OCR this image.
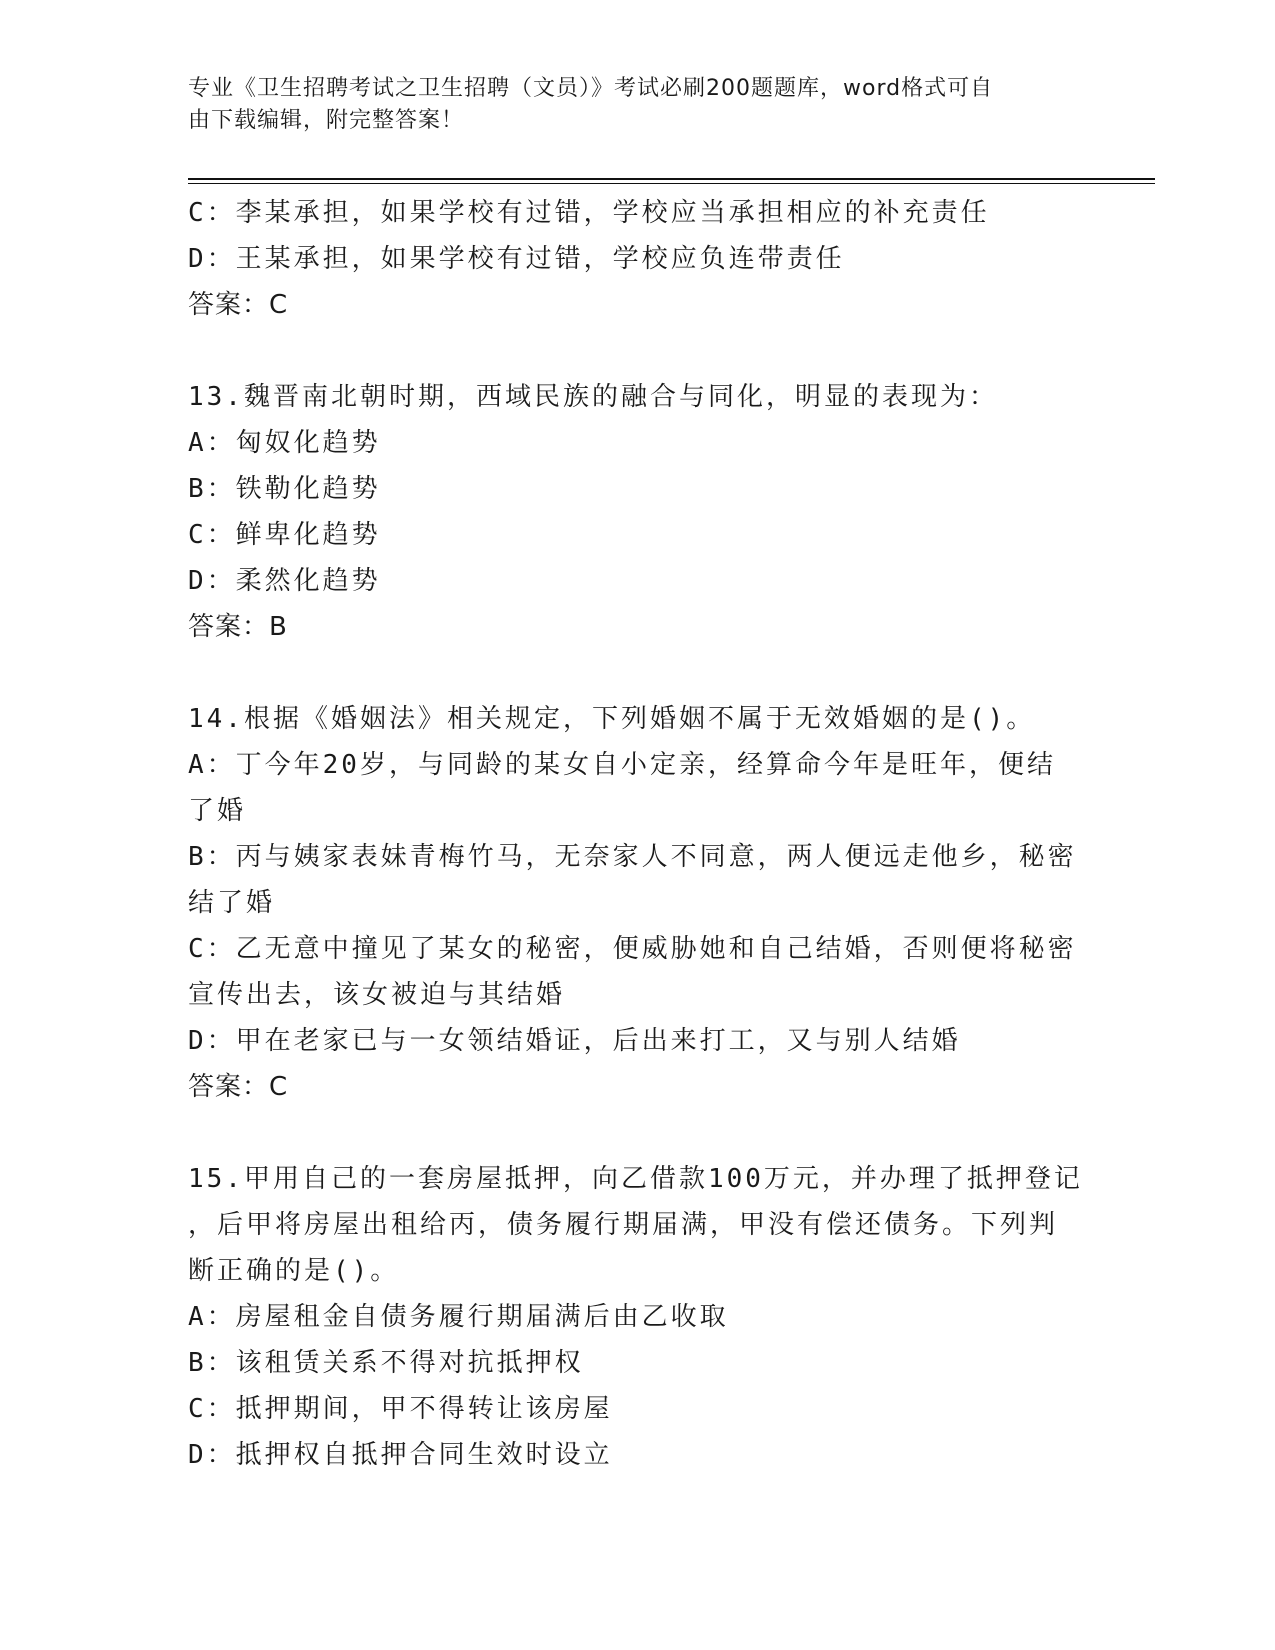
专业《卫生招聘考试之卫生招聘（文员）》考试必刷200题题库，word格式可自
由下载编辑，附完整答案！
C：李某承担，如果学校有过错，学校应当承担相应的补充责任
D：王某承担，如果学校有过错，学校应负连带责任
答案：C
13.魏晋南北朝时期，西域民族的融合与同化，明显的表现为：
A：匈奴化趋势
B：铁勒化趋势
C：鲜卑化趋势
D：柔然化趋势
答案：B
14.根据《婚姻法》相关规定，下列婚姻不属于无效婚姻的是()。
A：丁今年20岁，与同龄的某女自小定亲，经算命今年是旺年，便结
了婚
B：丙与姨家表妹青梅竹马，无奈家人不同意，两人便远走他乡，秘密
结了婚
C：乙无意中撞见了某女的秘密，便威胁她和自己结婚，否则便将秘密
宣传出去，该女被迫与其结婚
D：甲在老家已与一女领结婚证，后出来打工，又与别人结婚
答案：C
15.甲用自己的一套房屋抵押，向乙借款100万元，并办理了抵押登记
，后甲将房屋出租给丙，债务履行期届满，甲没有偿还债务。下列判
断正确的是()。
A：房屋租金自债务履行期届满后由乙收取
B：该租赁关系不得对抗抵押权
C：抵押期间，甲不得转让该房屋
D：抵押权自抵押合同生效时设立
